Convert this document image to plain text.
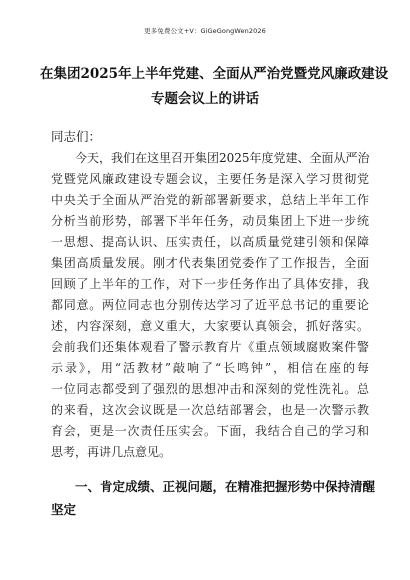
更多免费公文+V：GiGeGongWen2026
在集团2025年上半年党建、全面从严治党暨党风廉政建设
专题会议上的讲话
同志们：
今天，我们在这里召开集团2025年度党建、全面从严治
党暨党风廉政建设专题会议，主要任务是深入学习贯彻党
中央关于全面从严治党的新部署新要求，总结上半年工作
分析当前形势，部署下半年任务，动员集团上下进一步统
一思想、提高认识、压实责任，以高质量党建引领和保障
集团高质量发展。刚才代表集团党委作了工作报告，全面
回顾了上半年的工作，对下一步任务作出了具体安排，我
都同意。两位同志也分别传达学习了近平总书记的重要论
述，内容深刻，意义重大，大家要认真领会，抓好落实。
会前我们还集体观看了警示教育片《重点领域腐败案件警
示录》，用“活教材”敲响了“长鸣钟”，相信在座的每
一位同志都受到了强烈的思想冲击和深刻的党性洗礼。总
的来看，这次会议既是一次总结部署会，也是一次警示教
育会，更是一次责任压实会。下面，我结合自己的学习和
思考，再讲几点意见。
一、肯定成绩、正视问题，在精准把握形势中保持清醒
坚定
